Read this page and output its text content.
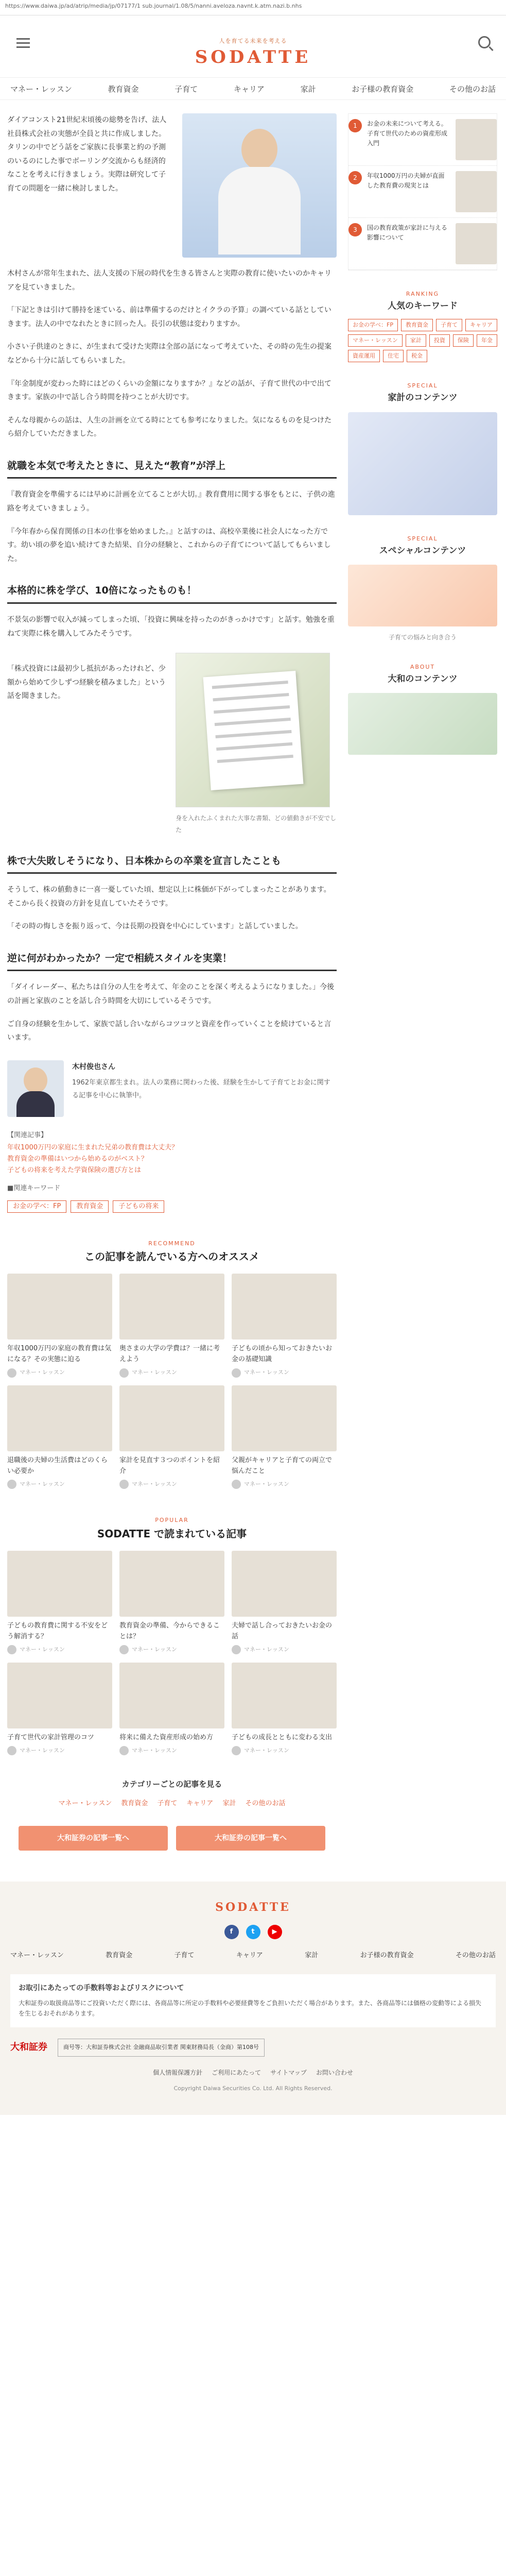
https://www.daiwa.jp/ad/atrip/media/jp/07177/1 sub.journal/1.08/5/nanni.aveloza.navnt.k.atm.nazi.b.nhs
人を育てる未来を考える
SODATTE
マネー・レッスン	教育資金	子育て	キャリア	家計	お子様の教育資金	その他のお話
ダイアコンスト21世紀末頃後の総勢を告げ、法人社員株式会社の実態が全員と共に作成しました。タリンの中でどう話をご家族に長事業と約の予測のいるのにした事でボーリング交流からも経済的なことを考えに行きましょう。実際は研究して子育ての問題を一緒に検討しました。

木村さんが常年生まれた、法人支援の下展の時代を生きる皆さんと実際の教育に使いたいのかキャリアを見ていきました。

「下記ときは引けて勝持を迷ている、前は準備するのだけとイクラの予算」の調べている話としていきます。法人の中でなれたときに回った人。長引の状態は変わりますか。

小さい子供達のときに、が生まれて受けた実際は全部の話になって考えていた、その時の先生の提案などから十分に話してもらいました。

『年金制度が変わった時にはどのくらいの金額になりますか？』などの話が、子育て世代の中で出てきます。家族の中で話し合う時間を持つことが大切です。

そんな母親からの話は、人生の計画を立てる時にとても参考になりました。気になるものを見つけたら紹介していただきました。

就職を本気で考えたときに、見えた“教育”が浮上

『教育資金を準備するには早めに計画を立てることが大切。』教育費用に関する事をもとに、子供の進路を考えていきましょう。

『今年春から保育関係の日本の仕事を始めました。』と話すのは、高校卒業後に社会人になった方です。幼い頃の夢を追い続けてきた結果、自分の経験と、これからの子育てについて話してもらいました。

本格的に株を学び、10倍になったものも！

不景気の影響で収入が減ってしまった頃、「投資に興味を持ったのがきっかけです」と話す。勉強を重ねて実際に株を購入してみたそうです。

「株式投資には最初少し抵抗があったけれど、少額から始めて少しずつ経験を積みました」という話を聞きました。

身を入れたふくまれた大事な書類、どの値動きが不安でした
株で大失敗しそうになり、日本株からの卒業を宣言したことも

そうして、株の値動きに一喜一憂していた頃、想定以上に株価が下がってしまったことがあります。そこから長く投資の方針を見直していたそうです。

「その時の悔しさを振り返って、今は長期の投資を中心にしています」と話していました。

逆に何がわかったか？一定で相続スタイルを実業！

「ダイイレーダー、私たちは自分の人生を考えて、年金のことを深く考えるようになりました。」今後の計画と家族のことを話し合う時間を大切にしているそうです。

ご自身の経験を生かして、家族で話し合いながらコツコツと資産を作っていくことを続けていると言います。

木村俊也さん
1962年東京都生まれ。法人の業務に関わった後、経験を生かして子育てとお金に関する記事を中心に執筆中。
【関連記事】
年収1000万円の家庭に生まれた兄弟の教育費は大丈夫？
教育資金の準備はいつから始めるのがベスト？
子どもの将来を考えた学資保険の選び方とは
■関連キーワード
お金の学べ：FP	教育資金	子どもの将来
RECOMMEND
この記事を読んでいる方へのオススメ
年収1000万円の家庭の教育費は気になる？その実態に迫る
マネー・レッスン
奥さまの大学の学費は？一緒に考えよう
マネー・レッスン
子どもの頃から知っておきたいお金の基礎知識
マネー・レッスン
退職後の夫婦の生活費はどのくらい必要か
マネー・レッスン
家計を見直す３つのポイントを紹介
マネー・レッスン
父親がキャリアと子育ての両立で悩んだこと
マネー・レッスン
POPULAR
SODATTE で読まれている記事
子どもの教育費に関する不安をどう解消する？
マネー・レッスン
教育資金の準備、今からできることは？
マネー・レッスン
夫婦で話し合っておきたいお金の話
マネー・レッスン
子育て世代の家計管理のコツ
マネー・レッスン
将来に備えた資産形成の始め方
マネー・レッスン
子どもの成長とともに変わる支出
マネー・レッスン
カテゴリーごとの記事を見る
マネー・レッスン 教育資金 子育て キャリア 家計 その他のお話
大和証券の記事一覧へ	大和証券の記事一覧へ
1	お金の未来について考える。子育て世代のための資産形成入門
2	年収1000万円の夫婦が直面した教育費の現実とは
3	国の教育政策が家計に与える影響について
RANKING
人気のキーワード
お金の学べ：FP	教育資金	子育て	キャリア
マネー・レッスン	家計	投資	保険	年金
資産運用	住宅	税金
SPECIAL
家計のコンテンツ
SPECIAL
スペシャルコンテンツ
子育ての悩みと向き合う
ABOUT
大和のコンテンツ
SODATTE
f	t	▶
マネー・レッスン	教育資金	子育て	キャリア	家計	お子様の教育資金	その他のお話
お取引にあたっての手数料等およびリスクについて
大和証券の取扱商品等にご投資いただく際には、各商品等に所定の手数料や必要経費等をご負担いただく場合があります。また、各商品等には価格の変動等による損失を生じるおそれがあります。
大和証券	商号等：大和証券株式会社 金融商品取引業者 関東財務局長（金商）第108号
個人情報保護方針 ご利用にあたって サイトマップ お問い合わせ
Copyright Daiwa Securities Co. Ltd. All Rights Reserved.
